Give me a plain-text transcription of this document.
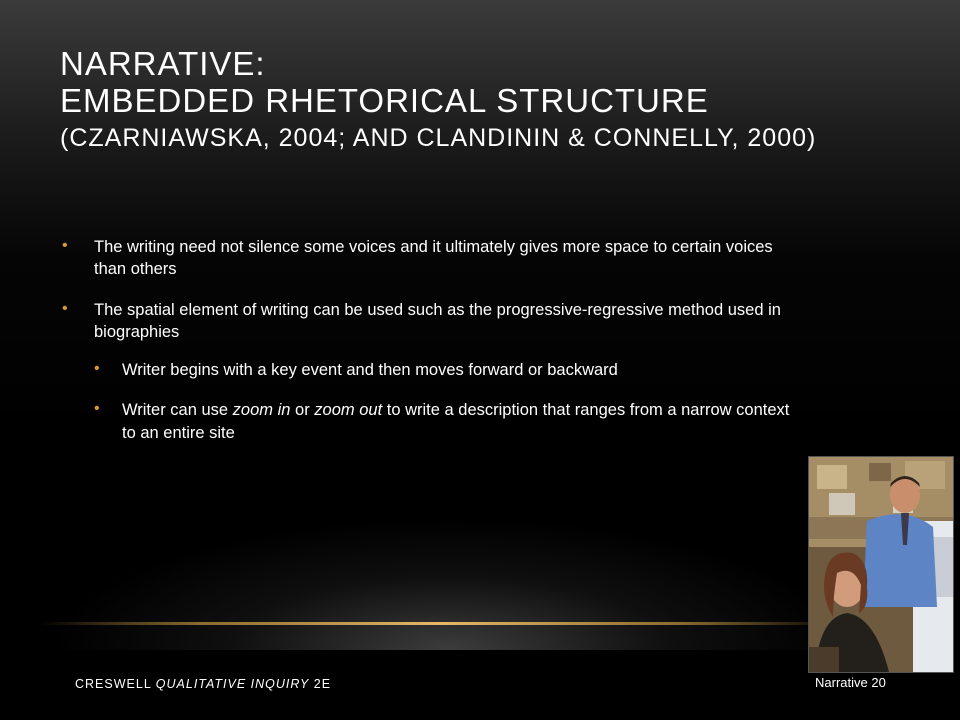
NARRATIVE:
EMBEDDED RHETORICAL STRUCTURE
(CZARNIAWSKA, 2004; AND CLANDININ & CONNELLY, 2000)
• The writing need not silence some voices and it ultimately gives more space to certain voices than others
• The spatial element of writing can be used such as the progressive-regressive method used in biographies
• Writer begins with a key event and then moves forward or backward
• Writer can use zoom in or zoom out to write a description that ranges from a narrow context to an entire site
CRESWELL QUALITATIVE INQUIRY 2E	Narrative 20
